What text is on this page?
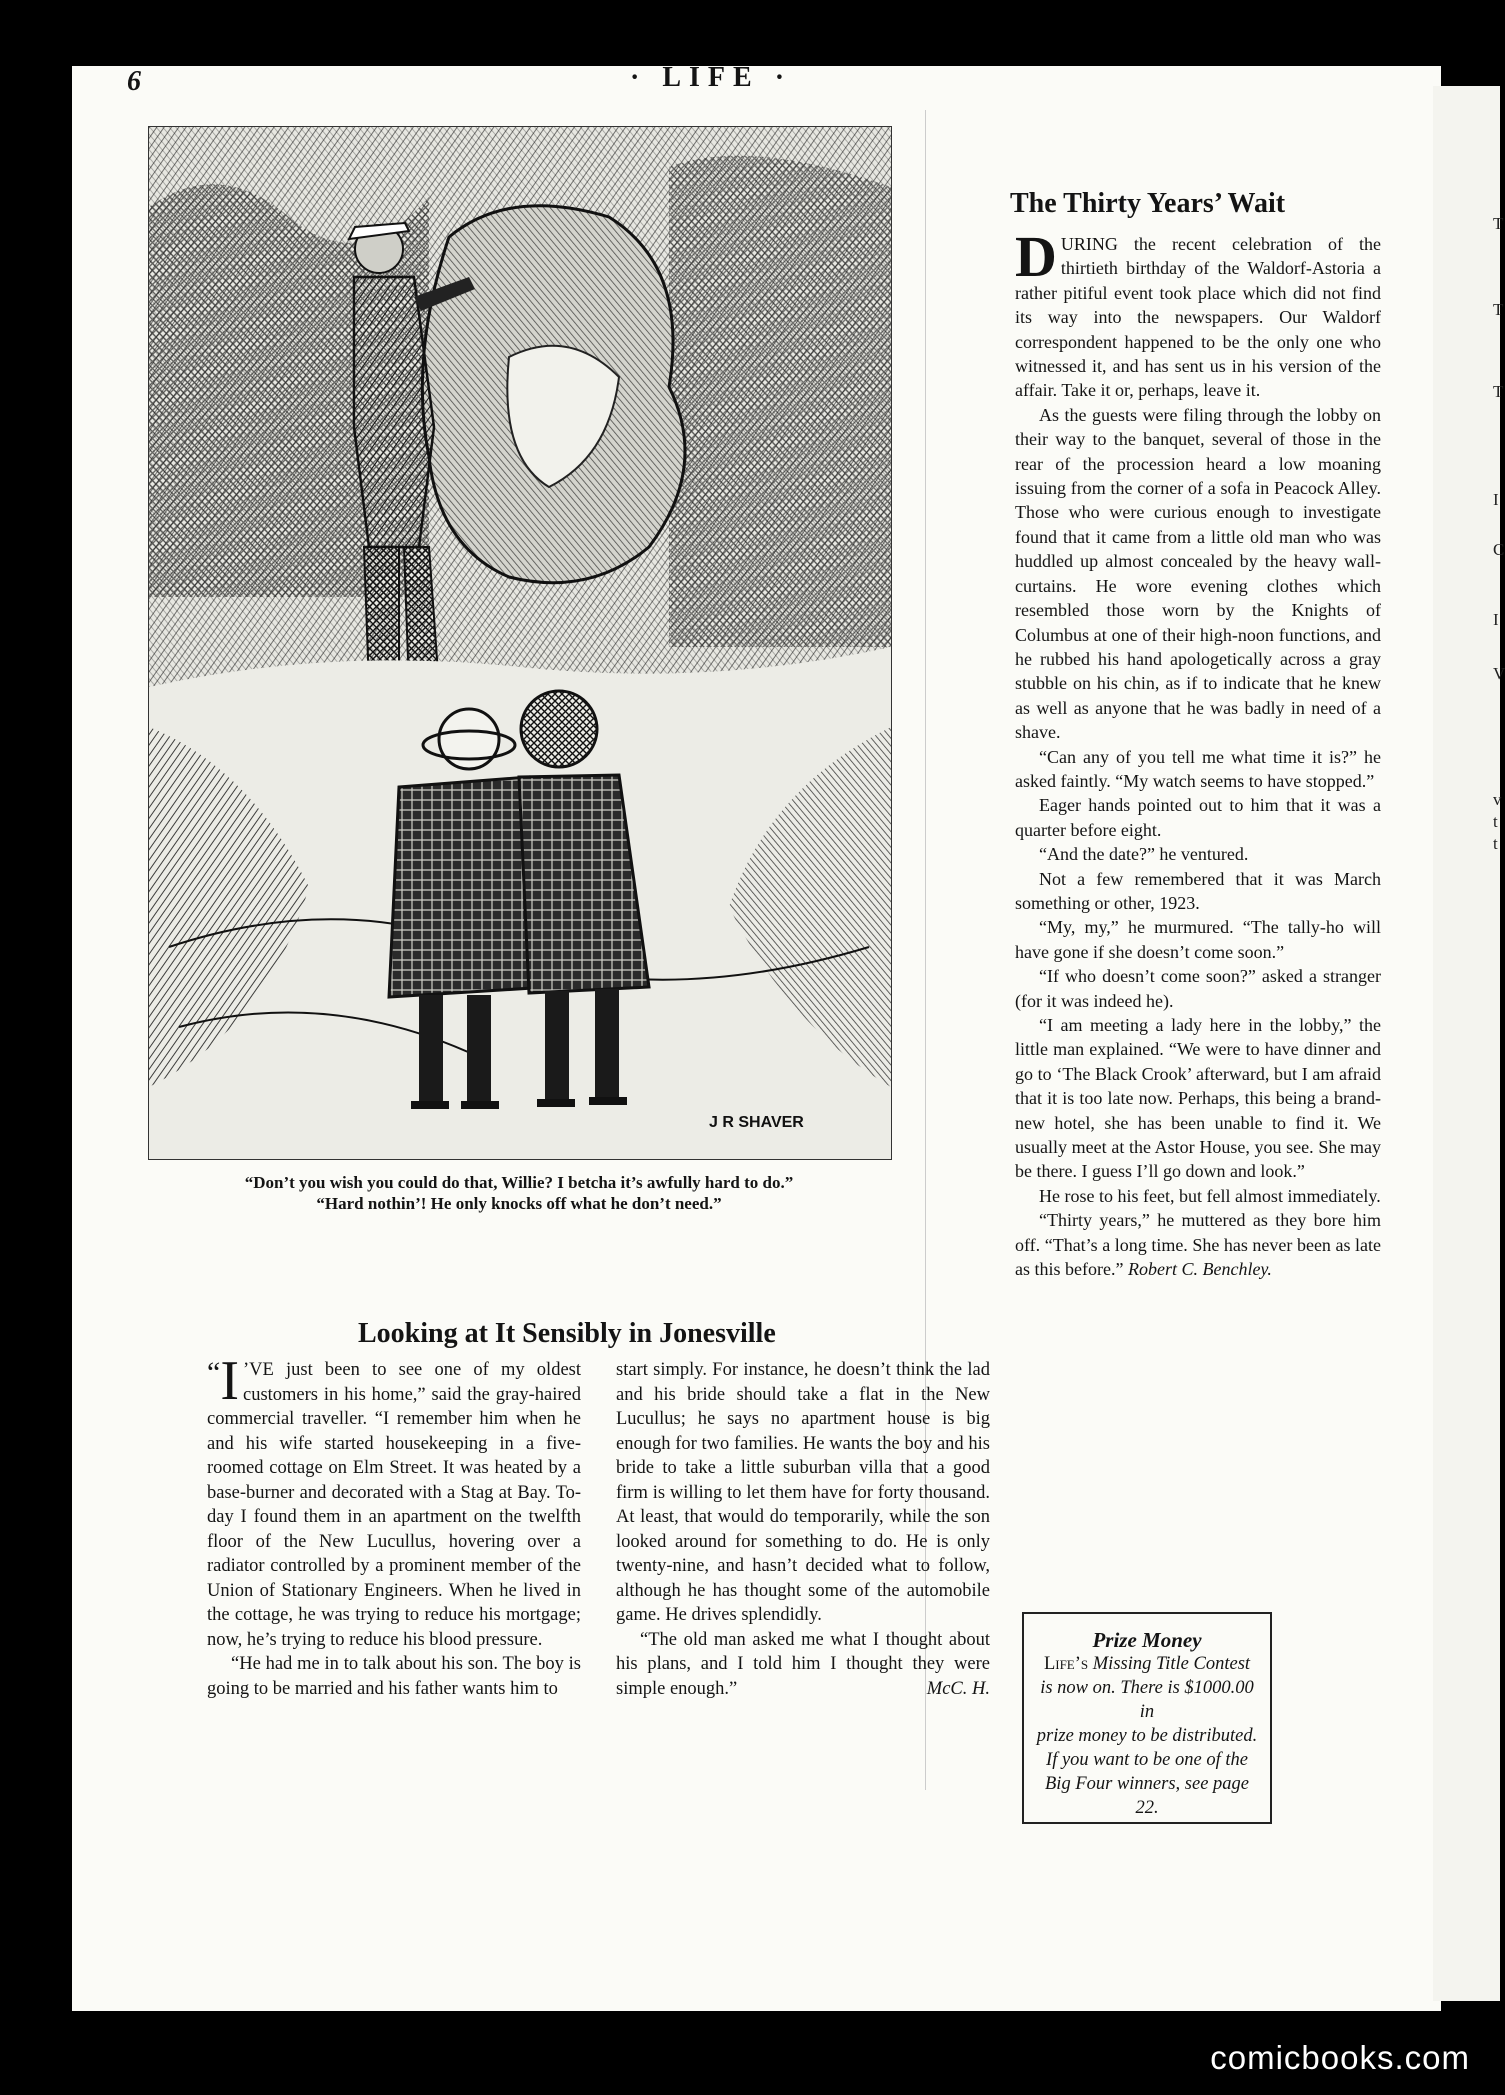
T
T
T
I
C
I
V
v
t
t
6	· LIFE ·
J R SHAVER
“Don’t you wish you could do that, Willie? I betcha it’s awfully hard to do.”
“Hard nothin’! He only knocks off what he don’t need.”
The Thirty Years’ Wait

DURING the recent celebration of the thirtieth birthday of the Waldorf-Astoria a rather pitiful event took place which did not find its way into the newspapers. Our Waldorf correspondent happened to be the only one who witnessed it, and has sent us in his version of the affair. Take it or, perhaps, leave it.

As the guests were filing through the lobby on their way to the banquet, several of those in the rear of the procession heard a low moaning issuing from the corner of a sofa in Peacock Alley. Those who were curious enough to investigate found that it came from a little old man who was huddled up almost concealed by the heavy wall-curtains. He wore evening clothes which resembled those worn by the Knights of Columbus at one of their high-noon functions, and he rubbed his hand apologetically across a gray stubble on his chin, as if to indicate that he knew as well as anyone that he was badly in need of a shave.

“Can any of you tell me what time it is?” he asked faintly. “My watch seems to have stopped.”

Eager hands pointed out to him that it was a quarter before eight.

“And the date?” he ventured.

Not a few remembered that it was March something or other, 1923.

“My, my,” he murmured. “The tally-ho will have gone if she doesn’t come soon.”

“If who doesn’t come soon?” asked a stranger (for it was indeed he).

“I am meeting a lady here in the lobby,” the little man explained. “We were to have dinner and go to ‘The Black Crook’ afterward, but I am afraid that it is too late now. Perhaps, this being a brand-new hotel, she has been unable to find it. We usually meet at the Astor House, you see. She may be there. I guess I’ll go down and look.”

He rose to his feet, but fell almost immediately.

“Thirty years,” he muttered as they bore him off. “That’s a long time. She has never been as late as this before.” Robert C. Benchley.

Prize Money
Life’s Missing Title Contest
is now on. There is $1000.00 in
prize money to be distributed.
If you want to be one of the
Big Four winners, see page 22.
Looking at It Sensibly in Jonesville

“ I ’VE just been to see one of my oldest customers in his home,” said the gray-haired commercial traveller. “I remember him when he and his wife started housekeeping in a five-roomed cottage on Elm Street. It was heated by a base-burner and decorated with a Stag at Bay. To-day I found them in an apartment on the twelfth floor of the New Lucullus, hovering over a radiator controlled by a prominent member of the Union of Stationary Engineers. When he lived in the cottage, he was trying to reduce his mortgage; now, he’s trying to reduce his blood pressure.

“He had me in to talk about his son. The boy is going to be married and his father wants him to

start simply. For instance, he doesn’t think the lad and his bride should take a flat in the New Lucullus; he says no apartment house is big enough for two families. He wants the boy and his bride to take a little suburban villa that a good firm is willing to let them have for forty thousand. At least, that would do temporarily, while the son looked around for something to do. He is only twenty-nine, and hasn’t decided what to follow, although he has thought some of the automobile game. He drives splendidly.

“The old man asked me what I thought about his plans, and I told him I thought they were simple enough.”	McC. H.

comicbooks.com
